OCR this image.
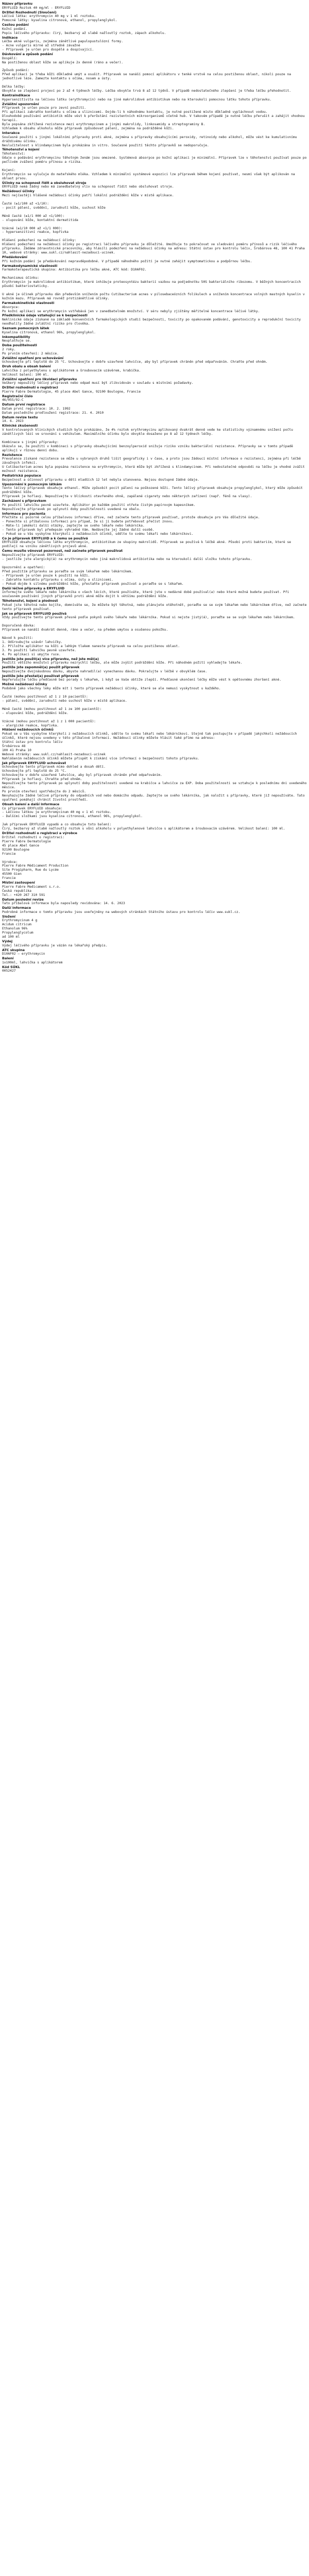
Název přípravku
ERYFLUID Roztok 40 mg/ml - ERYFLUID
Držitel Rozhodnutí (Sloučení)
Léčivá látka: erythromycin 40 mg v 1 ml roztoku.
Pomocné látky: kyselina citronová, ethanol, propylenglykol.
Cestou podání
Kožní podání.
Popis léčivého přípravku: čirý, bezbarvý až slabě nažloutlý roztok, zápach alkoholu.
Indikace
Léčba akné vulgaris, zejména zánětlivé papulopustulózní formy.
- Acne vulgaris mírné až středně závažné
- Přípravek je určen pro dospělé a dospívající.
Dávkování a způsob podání
Dospělí:
Na postiženou oblast kůže se aplikuje 2x denně (ráno a večer).

Způsob podání:
Před aplikací je třeba kůži důkladně umýt a osušit. Přípravek se nanáší pomocí aplikátoru v tenké vrstvě na celou postiženou oblast, nikoli pouze na jednotlivé léze. Zamezte kontaktu s očima, nosem a ústy.

Délka léčby:
Obvykle se zlepšení projeví po 2 až 4 týdnech léčby. Léčba obvykle trvá 8 až 12 týdnů. V případě nedostatečného zlepšení je třeba léčbu přehodnotit.
Kontraindikace
Hypersenzitivita na léčivou látku (erythromycin) nebo na jiné makrolidové antibiotikum nebo na kteroukoli pomocnou látku tohoto přípravku.
Zvláštní upozornění
Přípravek je určen pouze pro zevní použití.
Při aplikaci zabraňte kontaktu s očima a sliznicemi. Dojde-li k náhodnému kontaktu, je nutné postižené místo důkladně vypláchnout vodou.
Dlouhodobé používání antibiotik může vést k přerůstání rezistentních mikroorganismů včetně hub. V takovém případě je nutné léčbu přerušit a zahájit vhodnou terapii.
Byla popsána zkřížená rezistence mezi erythromycinem a jinými makrolidy, linkosamidy a streptograminy B.
Vzhledem k obsahu alkoholu může přípravek způsobovat pálení, zejména na podrážděné kůži.
Interakce
Současné použití s jinými lokálními přípravky proti akné, zejména s přípravky obsahujícími peroxidy, retinoidy nebo alkohol, může vést ke kumulativnímu dráždivému účinku.
Neslučitelnost s klindamycinem byla prokázána in vitro. Současné použití těchto přípravků se nedoporučuje.
Těhotenství a kojení
Těhotenství:
Údaje o podávání erythromycinu těhotným ženám jsou omezené. Systémová absorpce po kožní aplikaci je minimální. Přípravek lze v těhotenství používat pouze po pečlivém zvážení poměru přínosu a rizika.

Kojení:
Erythromycin se vylučuje do mateřského mléka. Vzhledem k minimální systémové expozici lze přípravek během kojení používat, nesmí však být aplikován na oblast prsou.
Účinky na schopnost řídit a obsluhovat stroje
ERYFLUID nemá žádný nebo má zanedbatelný vliv na schopnost řídit nebo obsluhovat stroje.
Nežádoucí účinky
Mezi nejčastěji hlášené nežádoucí účinky patří lokální podráždění kůže v místě aplikace.

Časté (≥1/100 až <1/10):
- pocit pálení, svědění, zarudnutí kůže, suchost kůže

Méně časté (≥1/1 000 až <1/100):
- olupování kůže, kontaktní dermatitida

Vzácné (≥1/10 000 až <1/1 000):
- hypersenzitivní reakce, kopřivka

Hlášení podezření na nežádoucí účinky:
Hlášení podezření na nežádoucí účinky po registraci léčivého přípravku je důležité. Umožňuje to pokračovat ve sledování poměru přínosů a rizik léčivého přípravku. Žádáme zdravotnické pracovníky, aby hlásili podezření na nežádoucí účinky na adresu: Státní ústav pro kontrolu léčiv, Šrobárova 48, 100 41 Praha 10, webové stránky: www.sukl.cz/nahlasit-nezadouci-ucinek.
Předávkování
Při kožním podání je předávkování nepravděpodobné. V případě náhodného požití je nutné zahájit symptomatickou a podpůrnou léčbu.
Farmakodynamické vlastnosti
Farmakoterapeutická skupina: Antibiotika pro léčbu akné, ATC kód: D10AF02.

Mechanismus účinku:
Erythromycin je makrolidové antibiotikum, které inhibuje proteosyntézu bakterií vazbou na podjednotku 50S bakteriálního ribozomu. V běžných koncentracích působí bakteriostaticky.

U akné je účinek přípravku dán především snížením počtu Cutibacterium acnes v pilosebaceózních folikulech a snížením koncentrace volných mastných kyselin v kožním mazu. Přípravek má rovněž protizánětlivé účinky.
Farmakokinetické vlastnosti
Absorpce:
Po kožní aplikaci se erythromycin vstřebává jen v zanedbatelném množství. V séru nebyly zjištěny měřitelné koncentrace léčivé látky.
Předklinické údaje vztahující se k bezpečnosti
Neklinické údaje získané na základě konvenčních farmakologických studií bezpečnosti, toxicity po opakovaném podávání, genotoxicity a reprodukční toxicity neodhalily žádné zvláštní riziko pro člověka.
Seznam pomocných látek
Kyselina citronová, ethanol 96%, propylenglykol.
Inkompatibility
Neuplatňuje se.
Doba použitelnosti
2 roky.
Po prvním otevření: 2 měsíce.
Zvláštní opatření pro uchovávání
Uchovávejte při teplotě do 25 °C. Uchovávejte v dobře uzavřené lahvičce, aby byl přípravek chráněn před odpařováním. Chraňte před ohněm.
Druh obalu a obsah balení
Lahvička z polyethylenu s aplikátorem a šroubovacím uzávěrem, krabička.
Velikost balení: 100 ml.
Zvláštní opatření pro likvidaci přípravku
Veškerý nepoužitý léčivý přípravek nebo odpad musí být zlikvidován v souladu s místními požadavky.
Držitel rozhodnutí o registraci
Pierre Fabre Dermatologie, 45 place Abel Gance, 92100 Boulogne, Francie
Registrační číslo
46/055/92-C
Datum první registrace
Datum první registrace: 10. 2. 1992
Datum posledního prodloužení registrace: 21. 4. 2010
Datum revize textu
14. 6. 2023
Klinické zkušenosti
V kontrolovaných klinických studiích bylo prokázáno, že 4% roztok erythromycinu aplikovaný dvakrát denně vede ke statisticky významnému snížení počtu zánětlivých lézí ve srovnání s vehikulem. Maximálního účinku bylo obvykle dosaženo po 8 až 12 týdnech léčby.

Kombinace s jinými přípravky:
Ukázalo se, že použití v kombinaci s přípravky obsahujícími benzoylperoxid snižuje riziko vzniku bakteriální rezistence. Přípravky se v tomto případě aplikují v různou denní dobu.
Rezistence
Prevalence získané rezistence se může u vybraných druhů lišit geograficky i v čase, a proto jsou žádoucí místní informace o rezistenci, zejména při léčbě závažných infekcí.
U Cutibacterium acnes byla popsána rezistence na erythromycin, která může být zkřížená s klindamycinem. Při nedostatečné odpovědi na léčbu je vhodné zvážit možnost rezistence.
Pediatrická populace
Bezpečnost a účinnost přípravku u dětí mladších 12 let nebyla stanovena. Nejsou dostupné žádné údaje.
Upozornění k pomocným látkám
Tento léčivý přípravek obsahuje ethanol. Může způsobit pocit pálení na poškozené kůži. Tento léčivý přípravek obsahuje propylenglykol, který může způsobit podráždění kůže.
Přípravek je hořlavý. Nepoužívejte v blízkosti otevřeného ohně, zapálené cigarety nebo některých zařízení (např. fénů na vlasy).
Zacházení s přípravkem
Po použití lahvičku pevně uzavřete. Aplikátor po každém použití otřete čistým papírovým kapesníkem.
Nepoužívejte přípravek po uplynutí doby použitelnosti uvedené na obalu.
Informace pro pacienta
Přečtěte si pozorně celou příbalovou informaci dříve, než začnete tento přípravek používat, protože obsahuje pro Vás důležité údaje.
- Ponechte si příbalovou informaci pro případ, že si ji budete potřebovat přečíst znovu.
- Máte-li jakékoli další otázky, zeptejte se svého lékaře nebo lékárníka.
- Tento přípravek byl předepsán výhradně Vám. Nedávejte jej žádné další osobě.
- Pokud se u Vás vyskytne kterýkoli z nežádoucích účinků, sdělte to svému lékaři nebo lékárníkovi.
Co je přípravek ERYFLUID a k čemu se používá
ERYFLUID obsahuje léčivou látku erythromycin, antibiotikum ze skupiny makrolidů. Přípravek se používá k léčbě akné. Působí proti bakteriím, které se podílejí na vzniku zánětlivých projevů akné.
Čemu musíte věnovat pozornost, než začnete přípravek používat
Nepoužívejte přípravek ERYFLUID:
- jestliže jste alergický(á) na erythromycin nebo jiná makrolidová antibiotika nebo na kteroukoli další složku tohoto přípravku.

Upozornění a opatření:
Před použitím přípravku se poraďte se svým lékařem nebo lékárníkem.
- Přípravek je určen pouze k použití na kůži.
- Zabraňte kontaktu přípravku s očima, ústy a sliznicemi.
- Pokud dojde k silnému podráždění kůže, přestaňte přípravek používat a poraďte se s lékařem.
Další léčivé přípravky a ERYFLUID
Informujte svého lékaře nebo lékárníka o všech lécích, které používáte, které jste v nedávné době používal(a) nebo které možná budete používat. Při současném používání jiných přípravků proti akné může dojít k většímu podráždění kůže.
Těhotenství, kojení a plodnost
Pokud jste těhotná nebo kojíte, domníváte se, že můžete být těhotná, nebo plánujete otěhotnět, poraďte se se svým lékařem nebo lékárníkem dříve, než začnete tento přípravek používat.
Jak se přípravek ERYFLUID používá
Vždy používejte tento přípravek přesně podle pokynů svého lékaře nebo lékárníka. Pokud si nejste jistý(á), poraďte se se svým lékařem nebo lékárníkem.

Doporučená dávka:
Přípravek se nanáší dvakrát denně, ráno a večer, na předem umytou a osušenou pokožku.

Návod k použití:
1. Odšroubujte uzávěr lahvičky.
2. Přiložte aplikátor na kůži a lehkým tlakem naneste přípravek na celou postiženou oblast.
3. Po použití lahvičku pevně uzavřete.
4. Po aplikaci si umyjte ruce.
Jestliže jste použil(a) více přípravku, než jste měl(a)
Použití většího množství přípravku nezrychlí léčbu, ale může zvýšit podráždění kůže. Při náhodném požití vyhledejte lékaře.
Jestliže jste zapomněl(a) použít přípravek
Nepoužívejte dvojnásobnou dávku, abyste nahradil(a) vynechanou dávku. Pokračujte v léčbě v obvyklém čase.
Jestliže jste přestal(a) používat přípravek
Nepřerušujte léčbu předčasně bez porady s lékařem, i když se Vaše obtíže zlepší. Předčasné ukončení léčby může vést k opětovnému zhoršení akné.
Možné nežádoucí účinky
Podobně jako všechny léky může mít i tento přípravek nežádoucí účinky, které se ale nemusí vyskytnout u každého.

Časté (mohou postihnout až 1 z 10 pacientů):
- pálení, svědění, zarudnutí nebo suchost kůže v místě aplikace.

Méně časté (mohou postihnout až 1 ze 100 pacientů):
- olupování kůže, podráždění kůže.

Vzácné (mohou postihnout až 1 z 1 000 pacientů):
- alergické reakce, kopřivka.
Hlášení nežádoucích účinků
Pokud se u Vás vyskytne kterýkoli z nežádoucích účinků, sdělte to svému lékaři nebo lékárníkovi. Stejně tak postupujte v případě jakýchkoli nežádoucích účinků, které nejsou uvedeny v této příbalové informaci. Nežádoucí účinky můžete hlásit také přímo na adresu:
Státní ústav pro kontrolu léčiv
Šrobárova 48
100 41 Praha 10
Webové stránky: www.sukl.cz/nahlasit-nezadouci-ucinek
Nahlášením nežádoucích účinků můžete přispět k získání více informací o bezpečnosti tohoto přípravku.
Jak přípravek ERYFLUID uchovávat
Uchovávejte tento přípravek mimo dohled a dosah dětí.
Uchovávejte při teplotě do 25 °C.
Uchovávejte v dobře uzavřené lahvičce, aby byl přípravek chráněn před odpařováním.
Přípravek je hořlavý. Chraňte před ohněm.
Nepoužívejte tento přípravek po uplynutí doby použitelnosti uvedené na krabičce a lahvičce za EXP. Doba použitelnosti se vztahuje k poslednímu dni uvedeného měsíce.
Po prvním otevření spotřebujte do 2 měsíců.
Nevyhazujte žádné léčivé přípravky do odpadních vod nebo domácího odpadu. Zeptejte se svého lékárníka, jak naložit s přípravky, které již nepoužíváte. Tato opatření pomáhají chránit životní prostředí.
Obsah balení a další informace
Co přípravek ERYFLUID obsahuje:
- Léčivou látkou je erythromycinum 40 mg v 1 ml roztoku.
- Dalšími složkami jsou kyselina citronová, ethanol 96%, propylenglykol.

Jak přípravek ERYFLUID vypadá a co obsahuje toto balení:
Čirý, bezbarvý až slabě nažloutlý roztok s vůní alkoholu v polyethylenové lahvičce s aplikátorem a šroubovacím uzávěrem. Velikost balení: 100 ml.
Držitel rozhodnutí o registraci a výrobce
Držitel rozhodnutí o registraci:
Pierre Fabre Dermatologie
45 place Abel Gance
92100 Boulogne
Francie

Výrobce:
Pierre Fabre Médicament Production
Site Progipharm, Rue du Lycée
45500 Gien
Francie
Místní zastoupení
Pierre Fabre Medicament s.r.o.
Česká republika
Tel.: +420 267 310 591
Datum poslední revize
Tato příbalová informace byla naposledy revidována: 14. 6. 2023
Další informace
Podrobné informace o tomto přípravku jsou uveřejněny na webových stránkách Státního ústavu pro kontrolu léčiv www.sukl.cz.
Složení
Erythromycinum 4 g
Acidum citricum
Ethanolum 96%
Propylenglycolum
ad 100 ml
Výdej
Výdej léčivého přípravku je vázán na lékařský předpis.
ATC skupina
D10AF02 – erythromycin
Balení
1x100ml, lahvička s aplikátorem
Kód SÚKL
0052427
